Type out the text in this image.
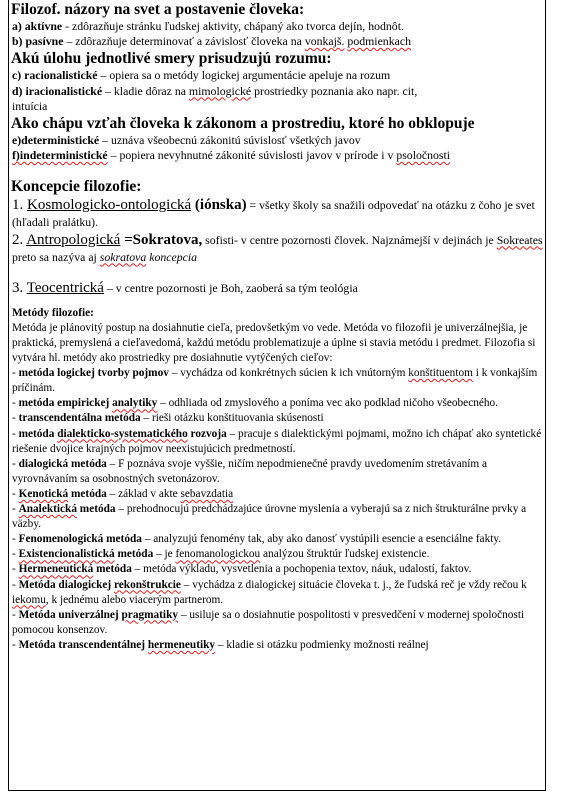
Filozof. názory na svet a postavenie človeka:

a) aktívne - zdôrazňuje stránku ľudskej aktivity, chápaný ako tvorca dejín, hodnôt.

b) pasívne – zdôrazňuje determinovať a závislosť človeka na vonkajš. podmienkach

Akú úlohu jednotlivé smery prisudzujú rozumu:

c) racionalistické – opiera sa o metódy logickej argumentácie apeluje na rozum

d) iracionalistické – kladie dôraz na mimologické prostriedky poznania ako napr. cit,
intuícia

Ako chápu vzťah človeka k zákonom a prostrediu, ktoré ho obklopuje

e)deterministické – uznáva všeobecnú zákonitú súvislosť všetkých javov

f)indeterministické – popiera nevyhnutné zákonité súvislosti javov v prírode i v psoločnosti

Koncepcie filozofie:

1. Kosmologicko-ontologická (iónska) = všetky školy sa snažili odpovedať na otázku z čoho je svet (hľadali pralátku).

2. Antropologická =Sokratova, sofisti- v centre pozornosti človek. Najznámejší v dejinách je Sokreates preto sa nazýva aj sokratova koncepcia

3. Teocentrická – v centre pozornosti je Boh, zaoberá sa tým teológia

Metódy filozofie:

Metóda je plánovitý postup na dosiahnutie cieľa, predovšetkým vo vede. Metóda vo filozofii je univerzálnejšia, je praktická, premyslená a cieľavedomá, každú metódu problematizuje a úplne si stavia metódu i predmet. Filozofia si vytvára hl. metódy ako prostriedky pre dosiahnutie vytýčených cieľov:

- metóda logickej tvorby pojmov – vychádza od konkrétnych súcien k ich vnútorným konštituentom i k vonkajším príčinám.

- metóda empirickej analytiky – odhliada od zmyslového a poníma vec ako podklad ničoho všeobecného.

- transcendentálna metóda – rieši otázku konštituovania skúsenosti

- metóda dialekticko-systematického rozvoja – pracuje s dialektickými pojmami, možno ich chápať ako syntetické riešenie dvojice krajných pojmov neexistujúcich predmetností.

- dialogická metóda – F poznáva svoje vyššie, ničím nepodmienečné pravdy uvedomením stretávaním a vyrovnávaním sa osobnostných svetonázorov.

- Kenotická metóda – základ v akte sebavzdatia

- Analektická metóda – prehodnocujú predchádzajúce úrovne myslenia a vyberajú sa z nich štrukturálne prvky a väzby.

- Fenomenologická metóda – analyzujú fenomény tak, aby ako danosť vystúpili esencie a esenciálne fakty.

- Existencionalistická metóda – je fenomanologickou analýzou štruktúr ľudskej existencie.

- Hermeneutická metóda – metóda výkladu, vysvetlenia a pochopenia textov, náuk, udalostí, faktov.

- Metóda dialogickej rekonštrukcie – vychádza z dialogickej situácie človeka t. j., že ľudská reč je vždy rečou k iekomu, k jednému alebo viacerým partnerom.

- Metóda univerzálnej pragmatiky – usiluje sa o dosiahnutie pospolitosti v presvedčení v modernej spoločnosti pomocou konsenzov.

- Metóda transcendentálnej hermeneutiky – kladie si otázku podmienky možnosti reálnej
